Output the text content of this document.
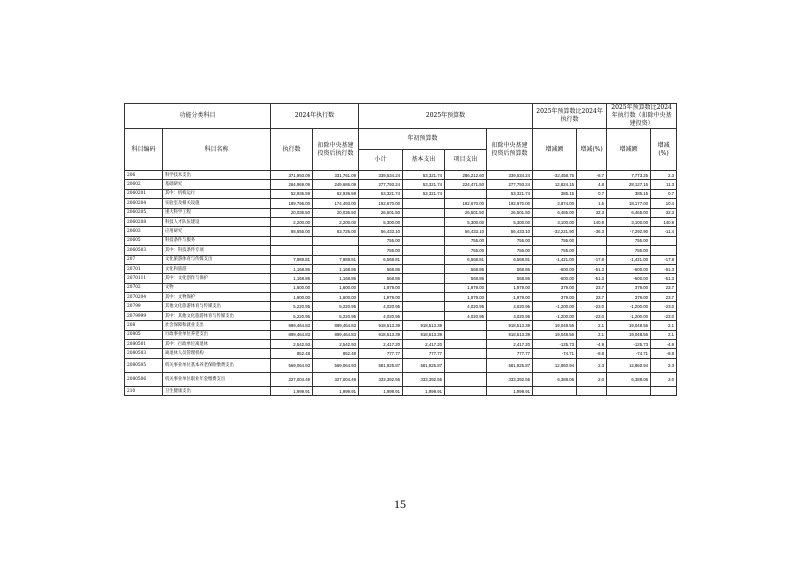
功能分类科目		2024年执行数		2025年预算数				2025年预算数比2024年执行数		2025年预算数比2024年执行数（扣除中央基建投资）	
科目编码	科目名称	执行数	扣除中央基建投资后执行数	年初预算数			扣除中央基建投资后预算数	增减额	增减(%)	增减额	增减(%)
				小计	基本支出	项目支出					
206	科学技术支出	371,993.09	331,761.09	339,534.24	53,321.74	286,212.60	339,534.24	-32,458.75	-8.7	7,773.25	2.3
20602	基础研究	264,969.09	249,686.09	277,793.24	53,321.74	224,471.50	277,793.24	12,824.15	4.8	28,127.15	11.3
2060201	其中：机构运行	52,936.59	52,936.59	53,321.74	53,321.74		53,321.74	385.15	0.7	385.15	0.7
2060204	实验室及相关设施	189,796.00	174,493.00	192,670.00		192,670.00	192,670.00	2,874.00	1.5	18,177.00	10.4
2060205	重大科学工程	20,036.50	20,036.50	26,501.50		26,501.50	26,501.50	6,465.00	32.3	6,465.00	32.3
2060208	科技人才队伍建设	2,200.00	2,200.00	5,300.00		5,300.00	5,300.00	3,100.00	140.9	3,100.00	140.9
20603	应用研究	88,655.00	63,726.00	56,433.10		56,433.10	56,433.10	-32,221.90	-36.3	-7,292.90	-11.4
20605	科技条件与服务			755.00		755.00	755.00	755.00		755.00	
2060503	其中：科技条件专项			755.00		755.00	755.00	755.00		755.00	
207	文化旅游体育与传媒支出	7,989.81	7,989.81	6,568.81		6,568.81	6,568.81	-1,421.00	-17.8	-1,421.00	-17.8
20701	文化和旅游	1,168.86	1,168.86	568.86		568.86	568.86	-600.00	-51.3	-600.00	-51.3
2070111	其中：文化创作与保护	1,168.86	1,168.86	568.86		568.86	568.86	-600.00	-51.3	-600.00	-51.3
20702	文物	1,600.00	1,600.00	1,979.00		1,979.00	1,979.00	379.00	23.7	379.00	23.7
2070204	其中：文物保护	1,600.00	1,600.00	1,979.00		1,979.00	1,979.00	379.00	23.7	379.00	23.7
20799	其他文化旅游体育与传媒支出	5,220.95	5,220.95	4,020.95		4,020.95	4,020.95	-1,200.00	-23.0	-1,200.00	-23.0
2079999	其中：其他文化旅游体育与传媒支出	5,220.95	5,220.95	4,020.95		4,020.95	4,020.95	-1,200.00	-23.0	-1,200.00	-23.0
208	社会保障和就业支出	899,464.83	899,464.83	918,513.39	918,513.39		918,513.39	19,048.56	2.1	19,048.56	2.1
20805	行政事业单位养老支出	899,464.83	899,464.83	918,513.39	918,513.39		918,513.39	19,048.56	2.1	19,048.56	2.1
2080501	其中：行政单位离退休	2,542.93	2,542.93	2,417.20	2,417.20		2,417.20	-125.73	-4.9	-125.73	-4.9
2080503	离退休人员管理机构	852.48	852.48	777.77	777.77		777.77	-74.71	-8.8	-74.71	-8.8
2080505	机关事业单位基本养老保险缴费支出	569,064.93	569,064.93	581,925.87	581,925.87		581,925.87	12,860.94	2.3	12,860.94	2.3
2080506	机关事业单位职业年金缴费支出	327,004.49	327,004.49	333,392.55	333,392.55		333,392.55	6,388.06	2.0	6,388.06	2.0
210	卫生健康支出	1,999.91	1,999.91	1,999.91	1,999.91		1,999.91				
15
